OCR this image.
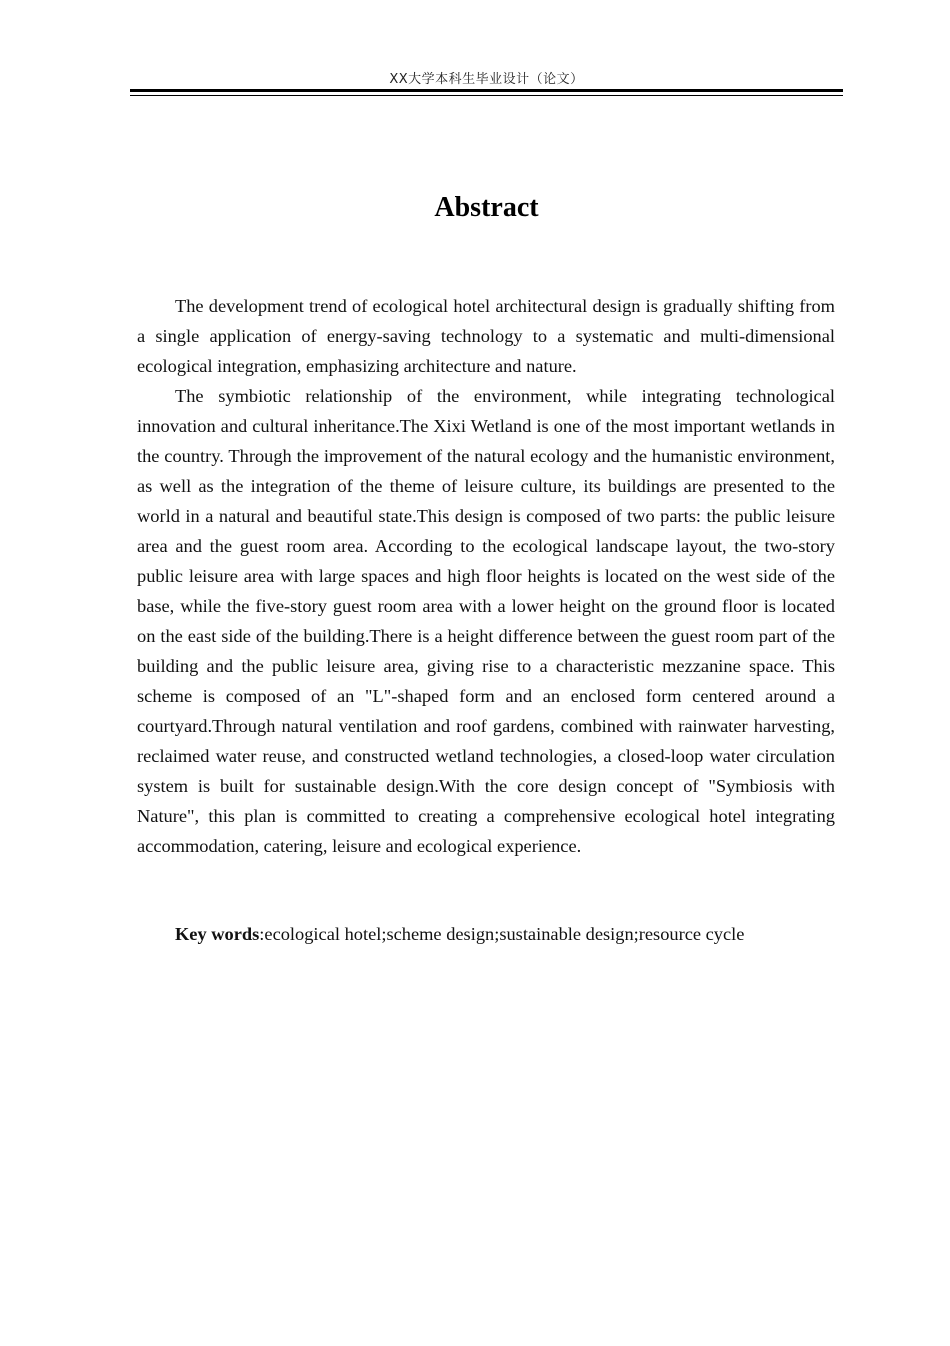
XX大学本科生毕业设计（论文）
Abstract

The development trend of ecological hotel architectural design is gradually shifting from a single application of energy-saving technology to a systematic and multi-dimensional ecological integration, emphasizing architecture and nature.

The symbiotic relationship of the environment, while integrating technological innovation and cultural inheritance.The Xixi Wetland is one of the most important wetlands in the country. Through the improvement of the natural ecology and the humanistic environment, as well as the integration of the theme of leisure culture, its buildings are presented to the world in a natural and beautiful state.This design is composed of two parts: the public leisure area and the guest room area. According to the ecological landscape layout, the two-story public leisure area with large spaces and high floor heights is located on the west side of the base, while the five-story guest room area with a lower height on the ground floor is located on the east side of the building.There is a height difference between the guest room part of the building and the public leisure area, giving rise to a characteristic mezzanine space. This scheme is composed of an "L"-shaped form and an enclosed form centered around a courtyard.Through natural ventilation and roof gardens, combined with rainwater harvesting, reclaimed water reuse, and constructed wetland technologies, a closed-loop water circulation system is built for sustainable design.With the core design concept of "Symbiosis with Nature", this plan is committed to creating a comprehensive ecological hotel integrating accommodation, catering, leisure and ecological experience.

Key words:ecological hotel;scheme design;sustainable design;resource cycle
